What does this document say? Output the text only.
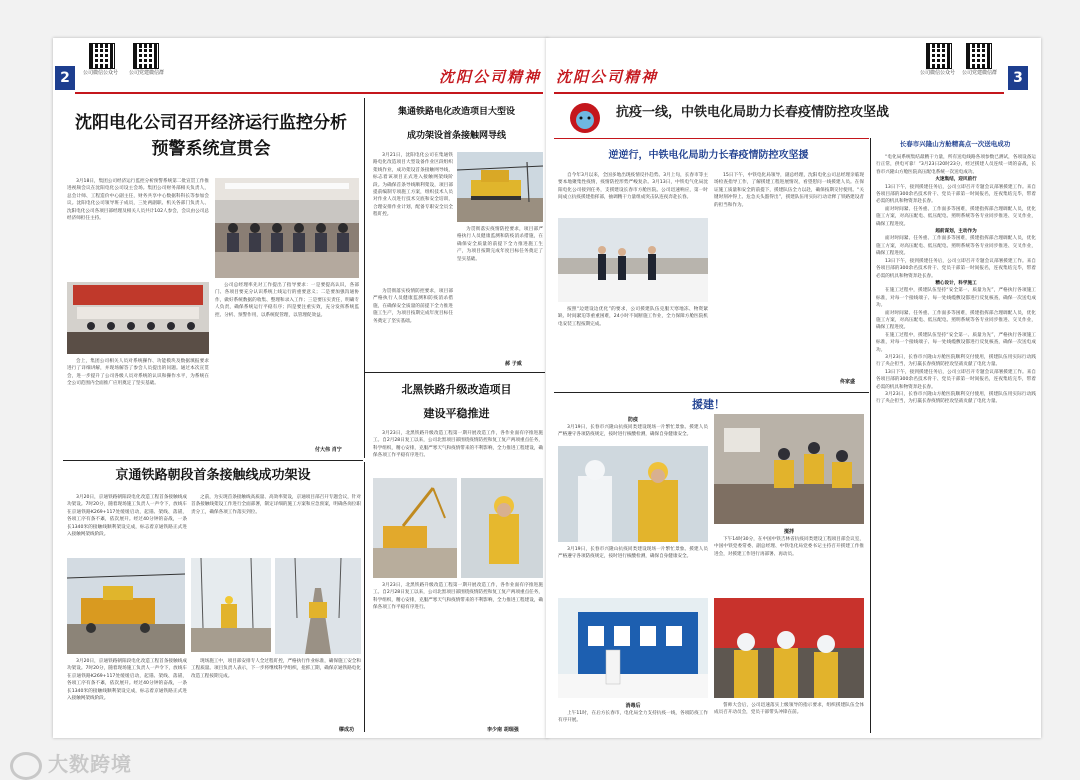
公司微信公众号 公司党建微信群
2	沈阳公司精神
沈阳电化公司召开经济运行监控分析
预警系统宣贯会

3月18日，集团公司经济运行监控分析预警系统第二批宣贯工作推进视频会议在沈阳电化公司设主会场。集团公司财务部相关负责人，总会计师、工程造价中心副主任，财务共享中心数据科科长等参加会议。沈阳电化公司领导班子成员，三处两副职、机关各部门负责人、沈阳电化公司各项目部经理及相关人员共计102人参会，会议由公司总经济师担任主持。

公司总经理率先对工作提出了指导要求：一是要提高认识，各部门、各项目要充分认识系统上线运行的重要意义；二是要加强沟通协作，做好系统数据的收集、整理和录入工作；三是要压实责任，明确专人负责，确保系统运行平稳有序；四是要注重实效，充分发挥系统监控、分析、预警作用，以系统促管理，以管理促效益。

会上，集团公司相关人员对系统操作、功能模块及数据填报要求进行了详细讲解，并现场解答了参会人员提出的问题。通过本次宣贯会，进一步提升了公司各级人员对系统的认识和操作水平，为系统在全公司范围内全面推广应用奠定了坚实基础。

付大伟 肖宁
集通铁路电化改造项目大型设
成功架设首条接触网导线

3月21日，沈阳电化公司在集通铁路电化改造项目大型设备作业区段组织架线作业，成功架设首条接触网导线，标志着该项目正式进入接触网架线阶段。为确保首条导线顺利架设，项目部提前编制专项施工方案，组织技术人员对作业人员进行技术交底和安全培训，合理安排作业计划，配备专职安全员全程盯控。

为贯彻落实疫情防控要求，项目部严格执行人员健康监测和防疫消杀措施，在确保安全质量的前提下全力推进施工生产，为项目按期完成年度目标任务奠定了坚实基础。

为贯彻落实疫情防控要求，项目部严格执行人员健康监测和防疫消杀措施，在确保安全质量的前提下全力推进施工生产，为项目按期完成年度目标任务奠定了坚实基础。

郝 子威
北黑铁路升级改造项目
建设平稳推进

3月23日，北黑铁路升级改造工程第一期开展改造工作，各作业面有序推进施工。自2月28日复工以来，公司北黑项目部围绕疫情防控和复工复产两项重点任务，科学组织，精心安排，克服严寒天气和疫情带来的不利影响，全力推进工程建设，确保各项工作平稳有序进行。

京通铁路朝段首条接触线成功架设

3月20日，京通铁路朝阳段电化改造工程首条接触线成功架设。7时20分，随着现场施工负责人一声令下，放线车在京通铁路K269+117处缓缓启动，起锚、架线、落锚，各项工序有条不紊，依次展开。经过40分钟的奋战，一条长1340米的接触线顺利架设完成，标志着京通铁路正式进入接触网架线阶段。

之前，为实现首条接触线高质量、高效率架设，京通项目部召开专题会议，针对首条接触线架设工作进行全面部署，制定详细的施工方案和应急预案，明确各岗位职责分工，确保各项工作落实到位。

3月20日，京通铁路朝阳段电化改造工程首条接触线成功架设。7时20分，随着现场施工负责人一声令下，放线车在京通铁路K269+117处缓缓启动，起锚、架线、落锚，各项工序有条不紊，依次展开。经过40分钟的奋战，一条长1340米的接触线顺利架设完成，标志着京通铁路正式进入接触网架线阶段。

现场施工中，项目部安排专人全过程盯控，严格执行作业标准，确保施工安全和工程质量。项目负责人表示，下一步将继续科学组织，抢抓工期，确保京通铁路电化改造工程按期完成。

缪成功

3月23日，北黑铁路升级改造工程第一期开展改造工作，各作业面有序推进施工。自2月28日复工以来，公司北黑项目部围绕疫情防控和复工复产两项重点任务，科学组织，精心安排，克服严寒天气和疫情带来的不利影响，全力推进工程建设，确保各项工作平稳有序进行。

李少南 胡瑞强
沈阳公司精神	公司微信公众号 公司党建微信群	3
抗疫一线，中铁电化局助力长春疫情防控攻坚战
逆逆行，中铁电化局助力长春疫情防控攻坚援

自今年3月以来，全国多地出现疫情反扑趋势。3月上旬，长春市等主要本地聚集性疫情，疫情防控形势严峻复杂。3月13日，中铁电气化局沈阳电化公司接到任务，支援建设长春市方舱医院。公司迅速响应，第一时间成立抗疫援建指挥部，抽调精干力量组成突击队连夜奔赴长春。

按照“边建设边优化”的要求，公司援建队伍克服天寒地冻、物资紧缺、时间紧迫等重重困难，24小时不间断施工作业，全力保障方舱医院机电安装工程按期完成。

15日下午，中铁电化局领导，副总经理，沈阳电化公司总经理亲临现场检查指导工作，了解援建工程进展情况，看望慰问一线援建人员。在保证施工质量和安全的前提下，援建队伍全力以赴，确保按期交付使用。“关键时刻冲得上、危急关头豁得出”，援建队伍用实际行动诠释了铁路建设者的担当和作为。

佟家盛
援建！
防疫

3月19日，长春市兴隆山抗疫同类建设现场一片繁忙景象。援建人员严格遵守各项防疫规定，按时进行核酸检测，确保自身健康安全。

3月19日，长春市兴隆山抗疫同类建设现场一片繁忙景象。援建人员严格遵守各项防疫规定，按时进行核酸检测，确保自身健康安全。

搅拌

下午14时30分，在中国中铁吉林省抗疫同类建设工程项目部会议室，中国中铁党委常委、副总经理、中铁电化局党委书记主持召开援建工作推进会，对援建工作进行再部署、再动员。

消毒后

上午11时，在后方长春市，电化局全力支持抗疫一线，各项防疫工作有序开展。

誓师大会后，公司迅速落实上级领导的指示要求，组织援建队伍全体成员召开动员会，党员干部带头冲锋在前。

长春市兴隆山方舱精高点一次送电成功

“电化局系统集结最精干力量，所有送电线路各项参数已测试，各项设备运行正常，供电可靠！”3月23日20时23分，经过援建人员连续一周的奋战，长春市兴隆山方舱医院高压配电系统一次送电成功。

火速集结，迎风前行

13日下午，接到援建任务后，公司立即召开专题会议部署援建工作。来自各项目部的300余名技术骨干、党员干部第一时间报名，连夜集结完毕，带着必需的机具和物资奔赴长春。

面对时间紧、任务重、工作面多等困难，援建指挥部合理调配人员，优化施工方案，对高压配电、低压配电、照明系统等各专业同步推进、交叉作业，确保工程进度。

超前谋划，主动作为

面对时间紧、任务重、工作面多等困难，援建指挥部合理调配人员，优化施工方案，对高压配电、低压配电、照明系统等各专业同步推进、交叉作业，确保工程进度。

13日下午，接到援建任务后，公司立即召开专题会议部署援建工作。来自各项目部的300余名技术骨干、党员干部第一时间报名，连夜集结完毕，带着必需的机具和物资奔赴长春。

精心设计，科学施工

在施工过程中，援建队伍坚持“安全第一、质量为先”，严格执行各项施工标准，对每一个接线端子、每一处线缆敷设都进行反复核查，确保一次送电成功。

面对时间紧、任务重、工作面多等困难，援建指挥部合理调配人员，优化施工方案，对高压配电、低压配电、照明系统等各专业同步推进、交叉作业，确保工程进度。

在施工过程中，援建队伍坚持“安全第一、质量为先”，严格执行各项施工标准，对每一个接线端子、每一处线缆敷设都进行反复核查，确保一次送电成功。

3月23日，长春市兴隆山方舱医院顺利交付使用，援建队伍用实际行动践行了央企担当，为打赢长春疫情防控攻坚战贡献了电化力量。

13日下午，接到援建任务后，公司立即召开专题会议部署援建工作。来自各项目部的300余名技术骨干、党员干部第一时间报名，连夜集结完毕，带着必需的机具和物资奔赴长春。

3月23日，长春市兴隆山方舱医院顺利交付使用，援建队伍用实际行动践行了央企担当，为打赢长春疫情防控攻坚战贡献了电化力量。

大数跨境
